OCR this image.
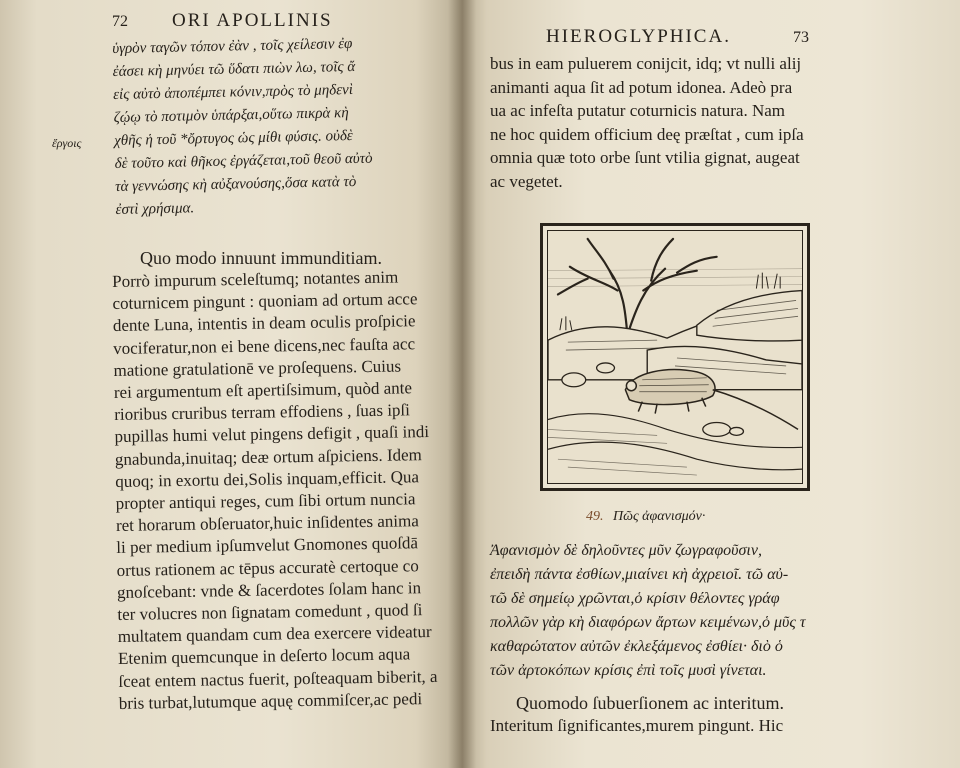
72 ORI APOLLINIS
ἔργοις

ὑγρὸν ταγῶν τόπον ἐὰν , τοῖς χείλεσιν ἐφ

ἐάσει κὴ μηνύει τῶ ὕδατι πιὼν λω, τοῖς ἄ

εἰς αὐτὸ ἀποπέμπει κόνιν,πρὸς τὸ μηδενὶ

ζῴῳ τὸ ποτιμὸν ὑπάρξαι,οὕτω πικρὰ κὴ

χθῆς ἡ τοῦ *ὄρτυγος ὡς μίθι φύσις. οὐδὲ

δὲ τοῦτο καὶ θῆκος ἐργάζεται,τοῦ θεοῦ αὐτὸ

τὰ γεννώσης κὴ αὐξανούσης,ὅσα κατὰ τὸ

ἐστὶ χρήσιμα.

Quo modo innuunt immunditiam.

Porrò impurum sceleſtumq; notantes anim

coturnicem pingunt : quoniam ad ortum acce

dente Luna, intentis in deam oculis proſpicie

vociferatur,non ei bene dicens,nec fauſta acc

matione gratulationē ve proſequens. Cuius

rei argumentum eſt apertiſsimum, quòd ante

rioribus cruribus terram effodiens , ſuas ipſi

pupillas humi velut pingens defigit , quaſi indi

gnabunda,inuitaq; deæ ortum aſpiciens. Idem

quoq; in exortu dei,Solis inquam,efficit. Qua

propter antiqui reges, cum ſibi ortum nuncia

ret horarum obſeruator,huic inſidentes anima

li per medium ipſumvelut Gnomones quoſdā

ortus rationem ac tēpus accuratè certoque co

gnoſcebant: vnde & ſacerdotes ſolam hanc in

ter volucres non ſignatam comedunt , quod ſi

multatem quandam cum dea exercere videatur

Etenim quemcunque in deſerto locum aqua

ſceat entem nactus fuerit, poſteaquam biberit, a

bris turbat,lutumque aquę commiſcer,ac pedi

HIEROGLYPHICA.	73

bus in eam puluerem conijcit, idq; vt nulli alij

animanti aqua ſit ad potum idonea. Adeò pra

ua ac infeſta putatur coturnicis natura. Nam

ne hoc quidem officium deę præſtat , cum ipſa

omnia quæ toto orbe ſunt vtilia gignat, augeat

ac vegetet.

49. Πῶς ἀφανισμόν·

Ἀφανισμὸν δὲ δηλοῦντες μῦν ζωγραφοῦσιν,

ἐπειδὴ πάντα ἐσθίων,μιαίνει κὴ ἀχρειοῖ. τῶ αὐ-

τῶ δὲ σημείῳ χρῶνται,ὁ κρίσιν θέλοντες γράφ

πολλῶν γὰρ κὴ διαφόρων ἄρτων κειμένων,ὁ μῦς τ

καθαρώτατον αὐτῶν ἐκλεξάμενος ἐσθίει· διὸ ὁ

τῶν ἀρτοκόπων κρίσις ἐπὶ τοῖς μυσὶ γίνεται.

Quomodo ſubuerſionem ac interitum.

Interitum ſignificantes,murem pingunt. Hic
